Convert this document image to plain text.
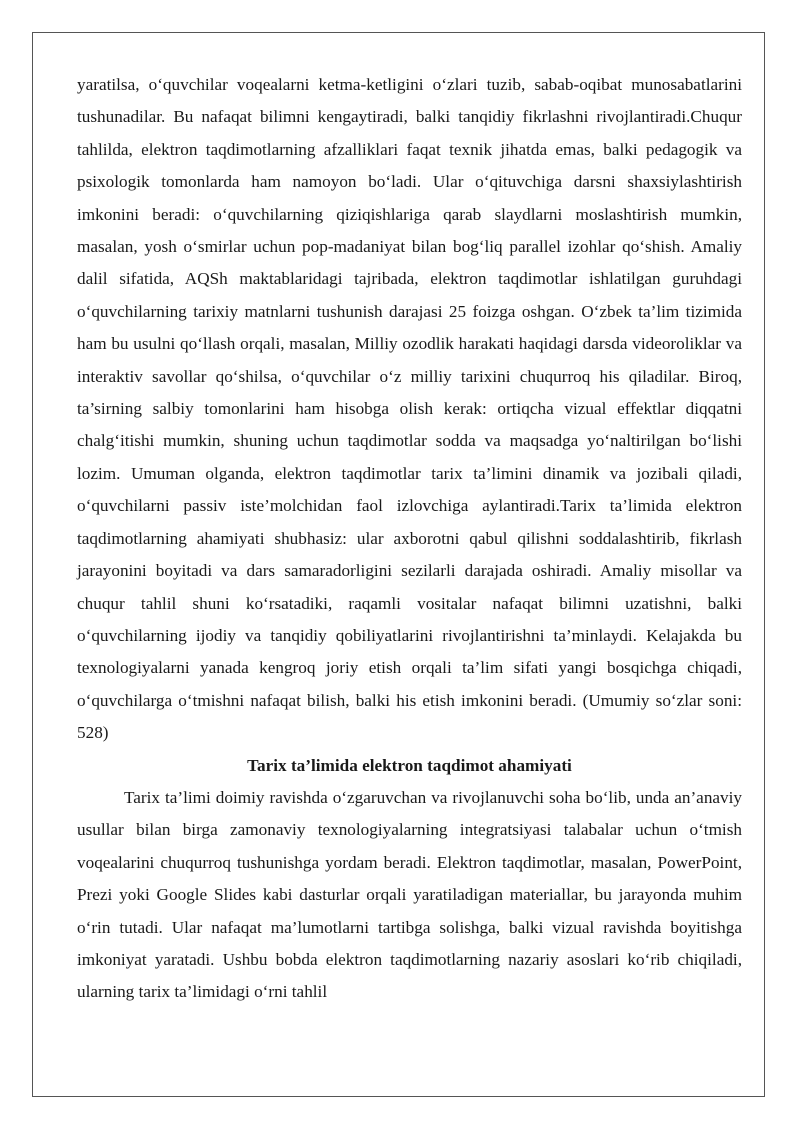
yaratilsa, o‘quvchilar voqealarni ketma-ketligini o‘zlari tuzib, sabab-oqibat munosabatlarini tushunadilar. Bu nafaqat bilimni kengaytiradi, balki tanqidiy fikrlashni rivojlantiradi.Chuqur tahlilda, elektron taqdimotlarning afzalliklari faqat texnik jihatda emas, balki pedagogik va psixologik tomonlarda ham namoyon bo‘ladi. Ular o‘qituvchiga darsni shaxsiylashtirish imkonini beradi: o‘quvchilarning qiziqishlariga qarab slaydlarni moslashtirish mumkin, masalan, yosh o‘smirlar uchun pop-madaniyat bilan bog‘liq parallel izohlar qo‘shish. Amaliy dalil sifatida, AQSh maktablaridagi tajribada, elektron taqdimotlar ishlatilgan guruhdagi o‘quvchilarning tarixiy matnlarni tushunish darajasi 25 foizga oshgan. O‘zbek ta’lim tizimida ham bu usulni qo‘llash orqali, masalan, Milliy ozodlik harakati haqidagi darsda videoroliklar va interaktiv savollar qo‘shilsa, o‘quvchilar o‘z milliy tarixini chuqurroq his qiladilar. Biroq, ta’sirning salbiy tomonlarini ham hisobga olish kerak: ortiqcha vizual effektlar diqqatni chalg‘itishi mumkin, shuning uchun taqdimotlar sodda va maqsadga yo‘naltirilgan bo‘lishi lozim. Umuman olganda, elektron taqdimotlar tarix ta’limini dinamik va jozibali qiladi, o‘quvchilarni passiv iste’molchidan faol izlovchiga aylantiradi.Tarix ta’limida elektron taqdimotlarning ahamiyati shubhasiz: ular axborotni qabul qilishni soddalashtirib, fikrlash jarayonini boyitadi va dars samaradorligini sezilarli darajada oshiradi. Amaliy misollar va chuqur tahlil shuni ko‘rsatadiki, raqamli vositalar nafaqat bilimni uzatishni, balki o‘quvchilarning ijodiy va tanqidiy qobiliyatlarini rivojlantirishni ta’minlaydi. Kelajakda bu texnologiyalarni yanada kengroq joriy etish orqali ta’lim sifati yangi bosqichga chiqadi, o‘quvchilarga o‘tmishni nafaqat bilish, balki his etish imkonini beradi. (Umumiy so‘zlar soni: 528)

Tarix ta’limida elektron taqdimot ahamiyati

Tarix ta’limi doimiy ravishda o‘zgaruvchan va rivojlanuvchi soha bo‘lib, unda an’anaviy usullar bilan birga zamonaviy texnologiyalarning integratsiyasi talabalar uchun o‘tmish voqealarini chuqurroq tushunishga yordam beradi. Elektron taqdimotlar, masalan, PowerPoint, Prezi yoki Google Slides kabi dasturlar orqali yaratiladigan materiallar, bu jarayonda muhim o‘rin tutadi. Ular nafaqat ma’lumotlarni tartibga solishga, balki vizual ravishda boyitishga imkoniyat yaratadi. Ushbu bobda elektron taqdimotlarning nazariy asoslari ko‘rib chiqiladi, ularning tarix ta’limidagi o‘rni tahlil
